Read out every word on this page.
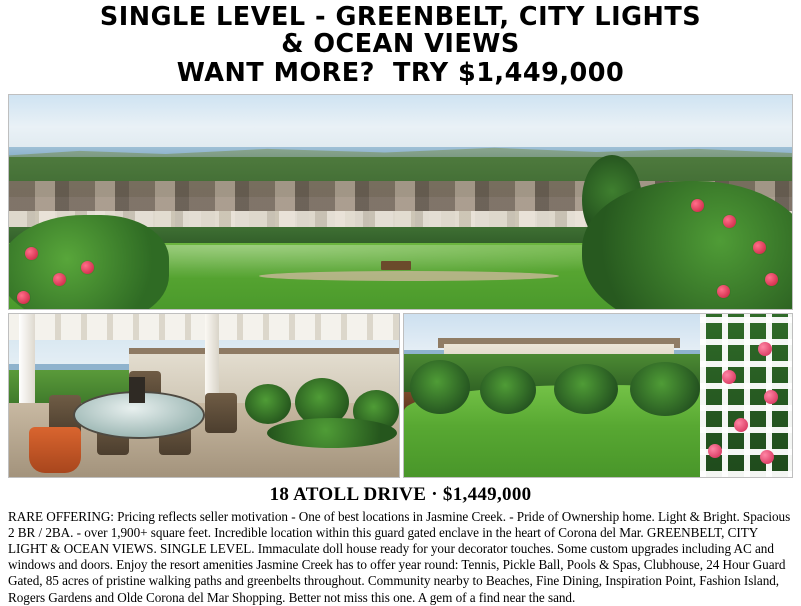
SINGLE LEVEL - GREENBELT, CITY LIGHTS
& OCEAN VIEWS
WANT MORE? TRY $1,449,000
18 ATOLL DRIVE · $1,449,000
RARE OFFERING: Pricing reflects seller motivation - One of best locations in Jasmine Creek. - Pride of Ownership home. Light & Bright. Spacious 2 BR / 2BA. - over 1,900+ square feet. Incredible location within this guard gated enclave in the heart of Corona del Mar. GREENBELT, CITY LIGHT & OCEAN VIEWS. SINGLE LEVEL. Immaculate doll house ready for your decorator touches. Some custom upgrades including AC and windows and doors. Enjoy the resort amenities Jasmine Creek has to offer year round: Tennis, Pickle Ball, Pools & Spas, Clubhouse, 24 Hour Guard Gated, 85 acres of pristine walking paths and greenbelts throughout. Community nearby to Beaches, Fine Dining, Inspiration Point, Fashion Island, Rogers Gardens and Olde Corona del Mar Shopping. Better not miss this one. A gem of a find near the sand.
